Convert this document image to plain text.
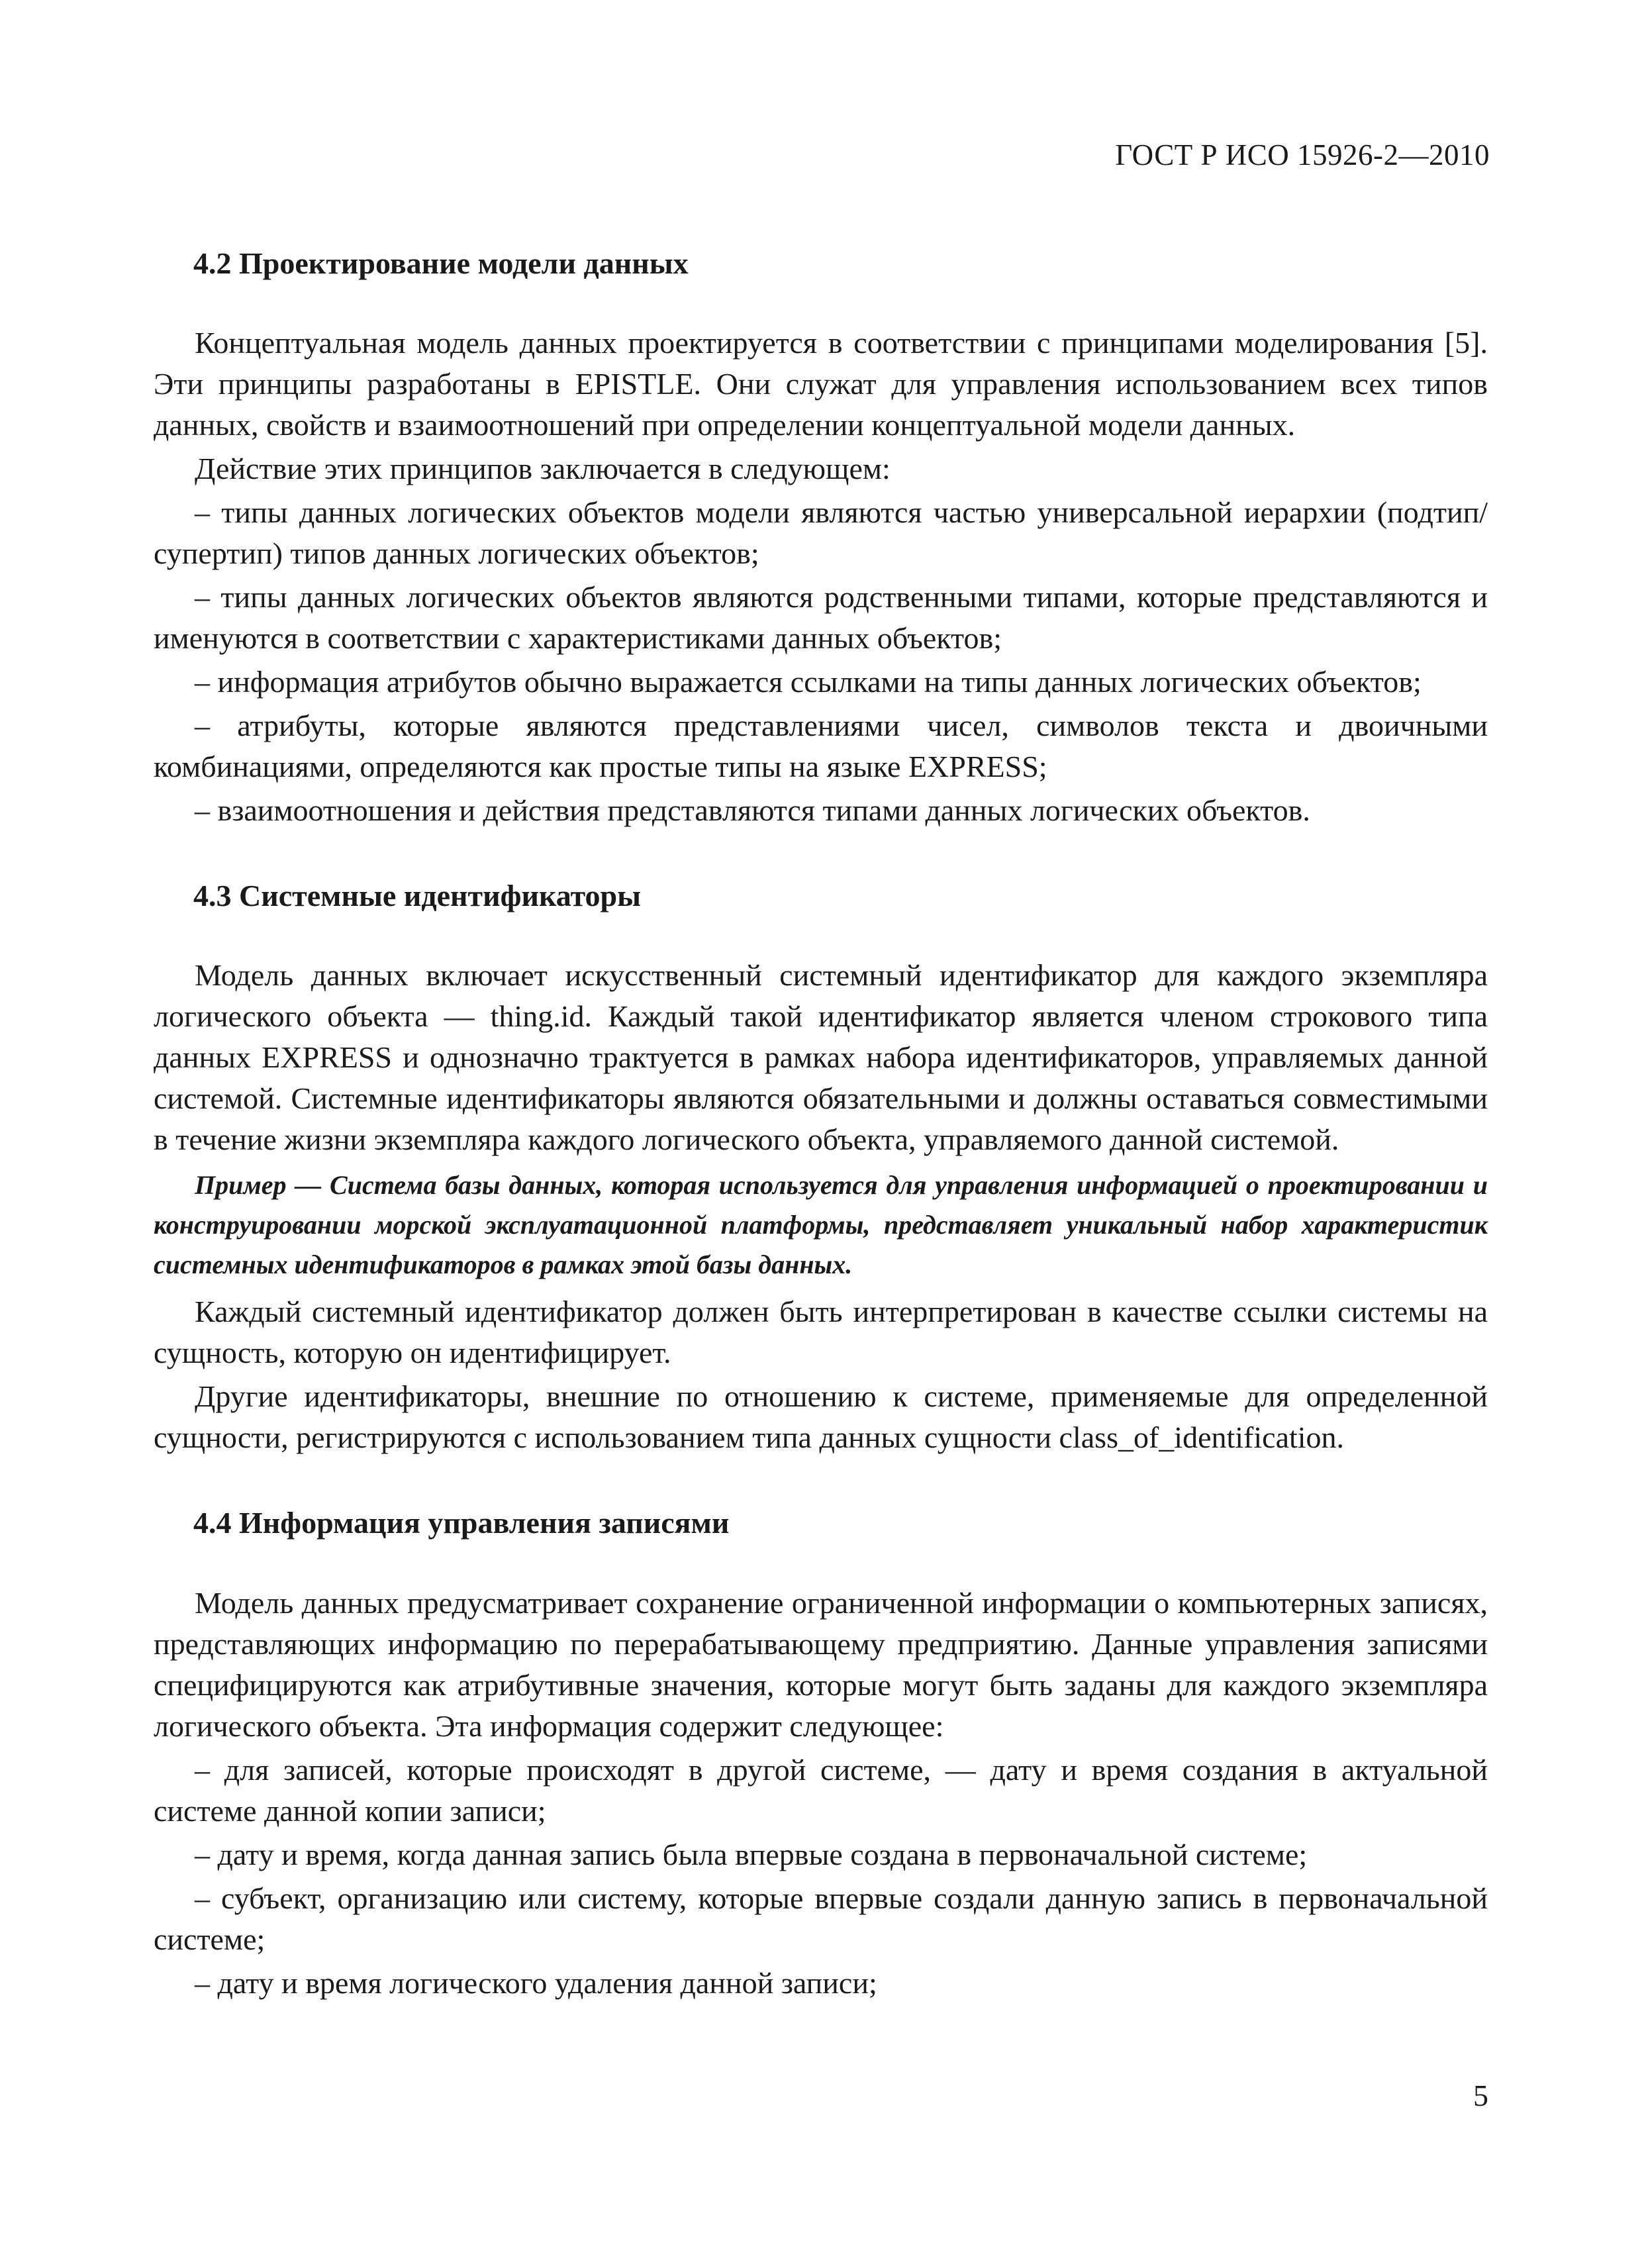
ГОСТ Р ИСО 15926-2—2010
4.2 Проектирование модели данных

Концептуальная модель данных проектируется в соответствии с принципами моделирования [5]. Эти принципы разработаны в EPISTLE. Они служат для управления использованием всех типов данных, свойств и взаимоотношений при определении концептуальной модели данных.

Действие этих принципов заключается в следующем:

– типы данных логических объектов модели являются частью универсальной иерархии (подтип/супертип) типов данных логических объектов;

– типы данных логических объектов являются родственными типами, которые представляются и именуются в соответствии с характеристиками данных объектов;

– информация атрибутов обычно выражается ссылками на типы данных логических объектов;

– атрибуты, которые являются представлениями чисел, символов текста и двоичными комбинациями, определяются как простые типы на языке EXPRESS;

– взаимоотношения и действия представляются типами данных логических объектов.

4.3 Системные идентификаторы

Модель данных включает искусственный системный идентификатор для каждого экземпляра логического объекта — thing.id. Каждый такой идентификатор является членом строкового типа данных EXPRESS и однозначно трактуется в рамках набора идентификаторов, управляемых данной системой. Системные идентификаторы являются обязательными и должны оставаться совместимыми в течение жизни экземпляра каждого логического объекта, управляемого данной системой.

Пример — Система базы данных, которая используется для управления информацией о проектировании и конструировании морской эксплуатационной платформы, представляет уникальный набор характеристик системных идентификаторов в рамках этой базы данных.

Каждый системный идентификатор должен быть интерпретирован в качестве ссылки системы на сущность, которую он идентифицирует.

Другие идентификаторы, внешние по отношению к системе, применяемые для определенной сущности, регистрируются с использованием типа данных сущности class_of_identification.

4.4 Информация управления записями

Модель данных предусматривает сохранение ограниченной информации о компьютерных записях, представляющих информацию по перерабатывающему предприятию. Данные управления записями специфицируются как атрибутивные значения, которые могут быть заданы для каждого экземпляра логического объекта. Эта информация содержит следующее:

– для записей, которые происходят в другой системе, — дату и время создания в актуальной системе данной копии записи;

– дату и время, когда данная запись была впервые создана в первоначальной системе;

– субъект, организацию или систему, которые впервые создали данную запись в первоначальной системе;

– дату и время логического удаления данной записи;

5
